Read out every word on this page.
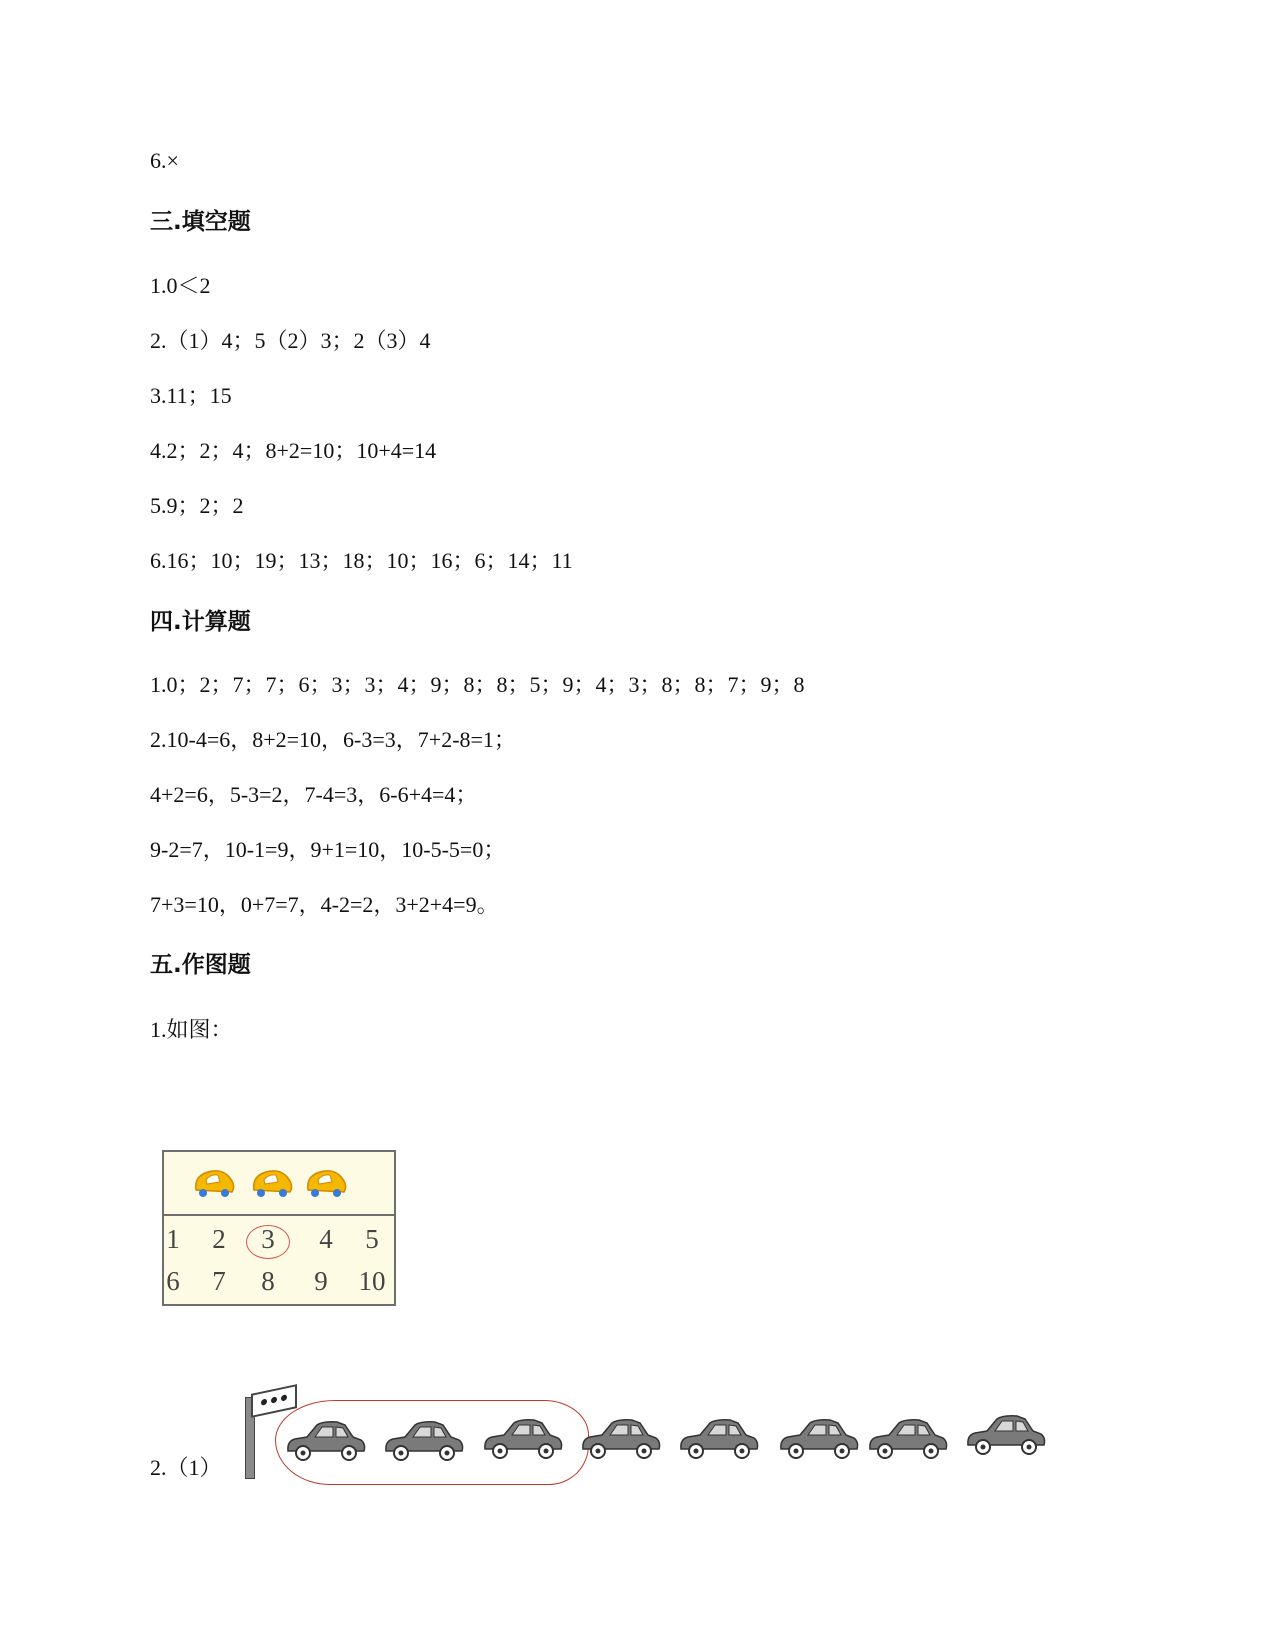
6.×
三.填空题
1.0＜2
2.（1）4；5（2）3；2（3）4
3.11；15
4.2；2；4；8+2=10；10+4=14
5.9；2；2
6.16；10；19；13；18；10；16；6；14；11
四.计算题
1.0；2；7；7；6；3；3；4；9；8；8；5；9；4；3；8；8；7；9；8
2.10-4=6，8+2=10，6-3=3，7+2-8=1；
4+2=6，5-3=2，7-4=3，6-6+4=4；
9-2=7，10-1=9，9+1=10，10-5-5=0；
7+3=10，0+7=7，4-2=2，3+2+4=9。
五.作图题
1.如图：
1	2	3	4	5
6	7	8	9	10
2.（1）
